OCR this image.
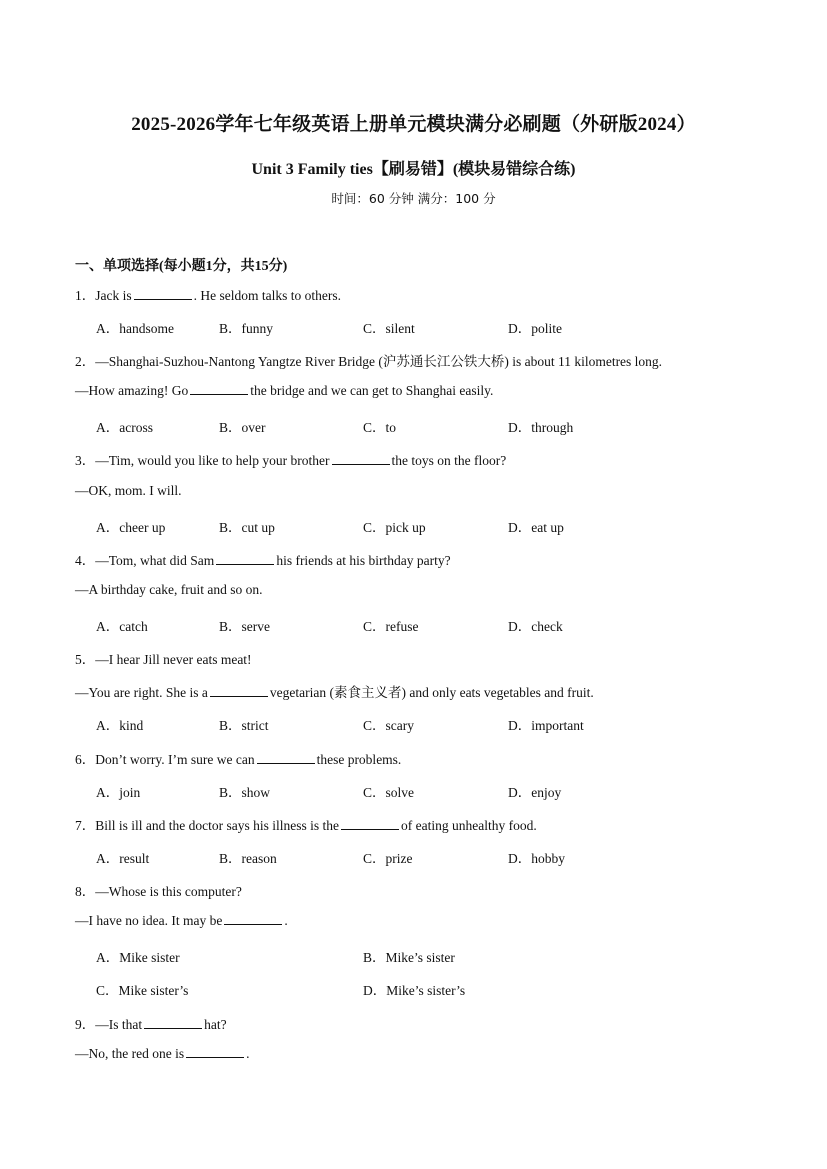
2025-2026学年七年级英语上册单元模块满分必刷题（外研版2024）
Unit 3 Family ties【刷易错】(模块易错综合练)
时间：60 分钟 满分：100 分
一、单项选择(每小题1分，共15分)
1．Jack is	. He seldom talks to others.
A．handsome	B．funny	C．silent	D．polite
2．—Shanghai-Suzhou-Nantong Yangtze River Bridge (沪苏通长江公铁大桥) is about 11 kilometres long.
—How amazing! Go	the bridge and we can get to Shanghai easily.
A．across	B．over	C．to	D．through
3．—Tim, would you like to help your brother	the toys on the floor?
—OK, mom. I will.
A．cheer up	B．cut up	C．pick up	D．eat up
4．—Tom, what did Sam	his friends at his birthday party?
—A birthday cake, fruit and so on.
A．catch	B．serve	C．refuse	D．check
5．—I hear Jill never eats meat!
—You are right. She is a	vegetarian (素食主义者) and only eats vegetables and fruit.
A．kind	B．strict	C．scary	D．important
6．Don’t worry. I’m sure we can	these problems.
A．join	B．show	C．solve	D．enjoy
7．Bill is ill and the doctor says his illness is the	of eating unhealthy food.
A．result	B．reason	C．prize	D．hobby
8．—Whose is this computer?
—I have no idea. It may be	.
A．Mike sister	B．Mike’s sister
C．Mike sister’s	D．Mike’s sister’s
9．—Is that	hat?
—No, the red one is	.
